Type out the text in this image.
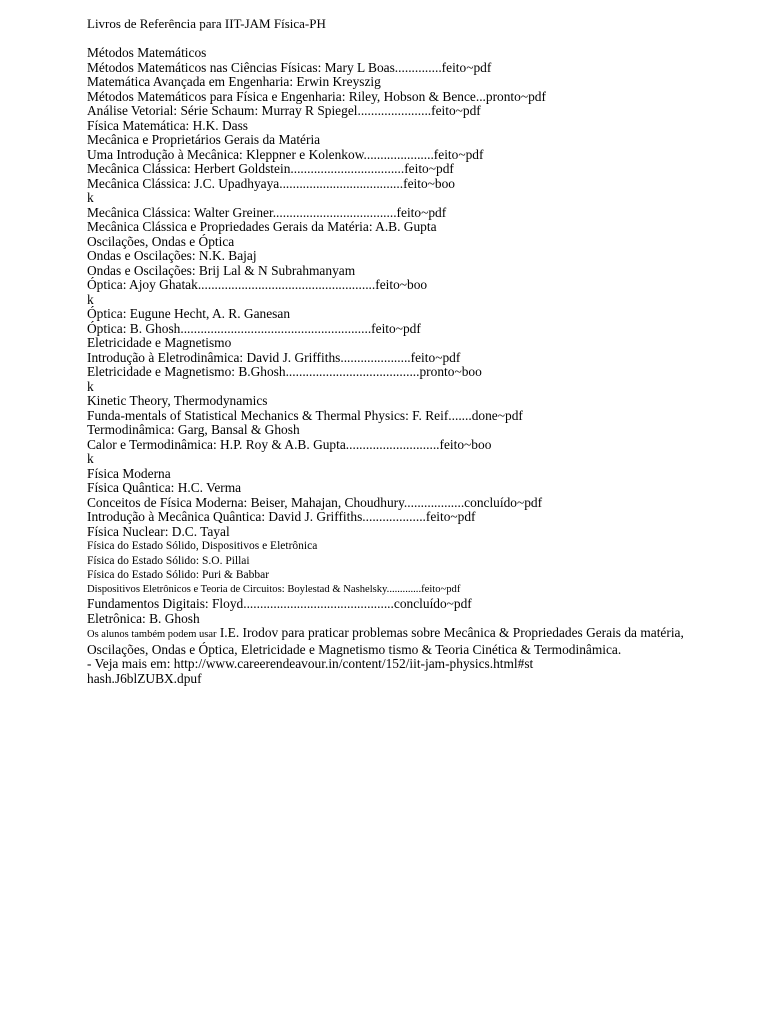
Livros de Referência para IIT-JAM Física-PH
Métodos Matemáticos
Métodos Matemáticos nas Ciências Físicas: Mary L Boas..............feito~pdf
Matemática Avançada em Engenharia: Erwin Kreyszig
Métodos Matemáticos para Física e Engenharia: Riley, Hobson & Bence...pronto~pdf
Análise Vetorial: Série Schaum: Murray R Spiegel......................feito~pdf
Física Matemática: H.K. Dass
Mecânica e Proprietários Gerais da Matéria
Uma Introdução à Mecânica: Kleppner e Kolenkow.....................feito~pdf
Mecânica Clássica: Herbert Goldstein..................................feito~pdf
Mecânica Clássica: J.C. Upadhyaya.....................................feito~boo
k
Mecânica Clássica: Walter Greiner.....................................feito~pdf
Mecânica Clássica e Propriedades Gerais da Matéria: A.B. Gupta
Oscilações, Ondas e Óptica
Ondas e Oscilações: N.K. Bajaj
Ondas e Oscilações: Brij Lal & N Subrahmanyam
Óptica: Ajoy Ghatak.....................................................feito~boo
k
Óptica: Eugune Hecht, A. R. Ganesan
Óptica: B. Ghosh.........................................................feito~pdf
Eletricidade e Magnetismo
Introdução à Eletrodinâmica: David J. Griffiths.....................feito~pdf
Eletricidade e Magnetismo: B.Ghosh........................................pronto~boo
k
Kinetic Theory, Thermodynamics
Funda-mentals of Statistical Mechanics & Thermal Physics: F. Reif.......done~pdf
Termodinâmica: Garg, Bansal & Ghosh
Calor e Termodinâmica: H.P. Roy & A.B. Gupta............................feito~boo
k
Física Moderna
Física Quântica: H.C. Verma
Conceitos de Física Moderna: Beiser, Mahajan, Choudhury..................concluído~pdf
Introdução à Mecânica Quântica: David J. Griffiths...................feito~pdf
Física Nuclear: D.C. Tayal
Física do Estado Sólido, Dispositivos e Eletrônica
Física do Estado Sólido: S.O. Pillai
Física do Estado Sólido: Puri & Babbar
Dispositivos Eletrônicos e Teoria de Circuitos: Boylestad & Nashelsky.............feito~pdf
Fundamentos Digitais: Floyd.............................................concluído~pdf
Eletrônica: B. Ghosh
Os alunos também podem usar I.E. Irodov para praticar problemas sobre Mecânica & Propriedades Gerais da matéria, Oscilações, Ondas e Óptica, Eletricidade e Magnetismo tismo & Teoria Cinética & Termodinâmica.
- Veja mais em: http://www.careerendeavour.in/content/152/iit-jam-physics.html#st
hash.J6blZUBX.dpuf
